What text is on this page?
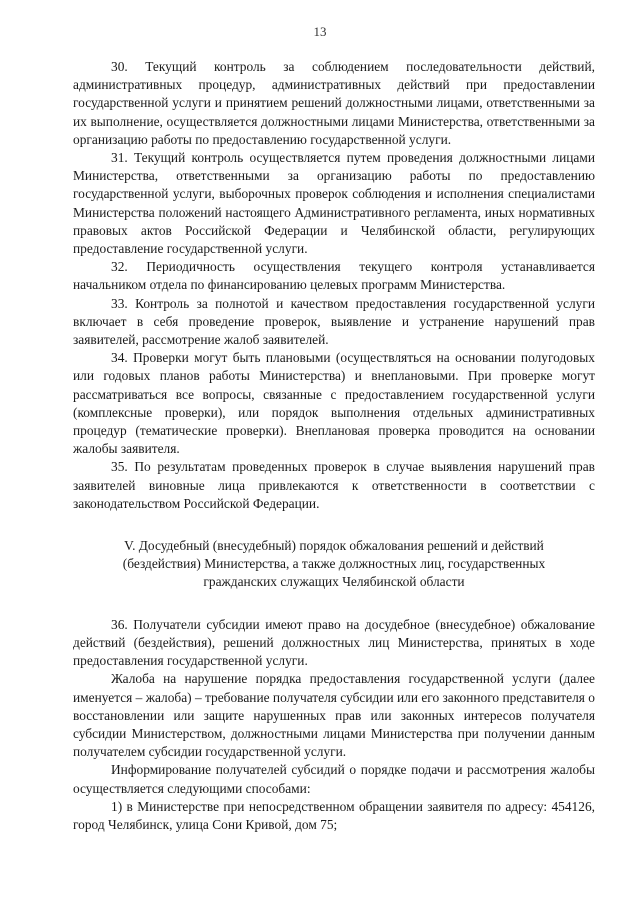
13

30. Текущий контроль за соблюдением последовательности действий, административных процедур, административных действий при предоставлении государственной услуги и принятием решений должностными лицами, ответственными за их выполнение, осуществляется должностными лицами Министерства, ответственными за организацию работы по предоставлению государственной услуги.

31. Текущий контроль осуществляется путем проведения должностными лицами Министерства, ответственными за организацию работы по предоставлению государственной услуги, выборочных проверок соблюдения и исполнения специалистами Министерства положений настоящего Административного регламента, иных нормативных правовых актов Российской Федерации и Челябинской области, регулирующих предоставление государственной услуги.

32. Периодичность осуществления текущего контроля устанавливается начальником отдела по финансированию целевых программ Министерства.

33. Контроль за полнотой и качеством предоставления государственной услуги включает в себя проведение проверок, выявление и устранение нарушений прав заявителей, рассмотрение жалоб заявителей.

34. Проверки могут быть плановыми (осуществляться на основании полугодовых или годовых планов работы Министерства) и внеплановыми. При проверке могут рассматриваться все вопросы, связанные с предоставлением государственной услуги (комплексные проверки), или порядок выполнения отдельных административных процедур (тематические проверки). Внеплановая проверка проводится на основании жалобы заявителя.

35. По результатам проведенных проверок в случае выявления нарушений прав заявителей виновные лица привлекаются к ответственности в соответствии с законодательством Российской Федерации.

V. Досудебный (внесудебный) порядок обжалования решений и действий
(бездействия) Министерства, а также должностных лиц, государственных
гражданских служащих Челябинской области

36. Получатели субсидии имеют право на досудебное (внесудебное) обжалование действий (бездействия), решений должностных лиц Министерства, принятых в ходе предоставления государственной услуги.

Жалоба на нарушение порядка предоставления государственной услуги (далее именуется – жалоба) – требование получателя субсидии или его законного представителя о восстановлении или защите нарушенных прав или законных интересов получателя субсидии Министерством, должностными лицами Министерства при получении данным получателем субсидии государственной услуги.

Информирование получателей субсидий о порядке подачи и рассмотрения жалобы осуществляется следующими способами:

1) в Министерстве при непосредственном обращении заявителя по адресу: 454126, город Челябинск, улица Сони Кривой, дом 75;
